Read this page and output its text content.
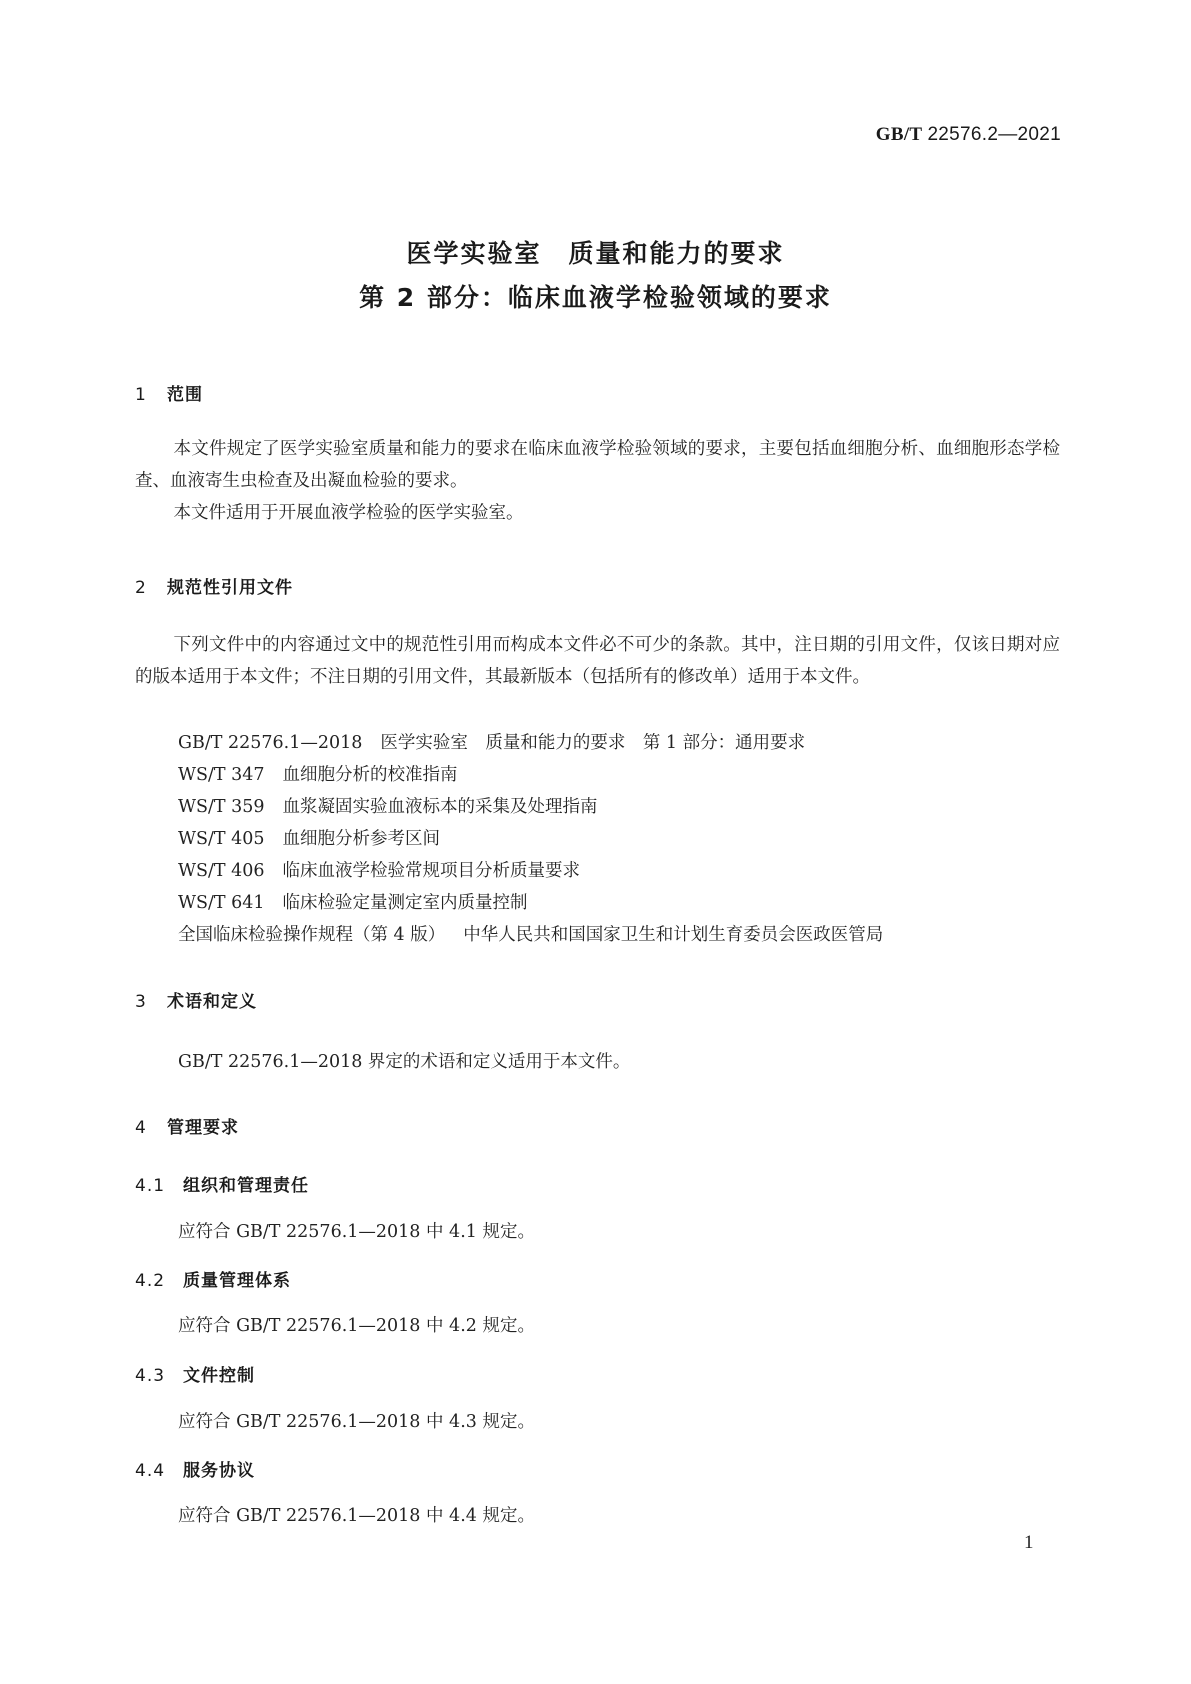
GB/T 22576.2—2021
医学实验室　质量和能力的要求
第 2 部分：临床血液学检验领域的要求
1 范围
本文件规定了医学实验室质量和能力的要求在临床血液学检验领域的要求，主要包括血细胞分析、血细胞形态学检查、血液寄生虫检查及出凝血检验的要求。
本文件适用于开展血液学检验的医学实验室。
2 规范性引用文件
下列文件中的内容通过文中的规范性引用而构成本文件必不可少的条款。其中，注日期的引用文件，仅该日期对应的版本适用于本文件；不注日期的引用文件，其最新版本（包括所有的修改单）适用于本文件。
GB/T 22576.1—2018 医学实验室　质量和能力的要求　第 1 部分：通用要求
WS/T 347 血细胞分析的校准指南
WS/T 359 血浆凝固实验血液标本的采集及处理指南
WS/T 405 血细胞分析参考区间
WS/T 406 临床血液学检验常规项目分析质量要求
WS/T 641 临床检验定量测定室内质量控制
全国临床检验操作规程（第 4 版） 中华人民共和国国家卫生和计划生育委员会医政医管局
3 术语和定义
GB/T 22576.1—2018 界定的术语和定义适用于本文件。
4 管理要求
4.1 组织和管理责任
应符合 GB/T 22576.1—2018 中 4.1 规定。
4.2 质量管理体系
应符合 GB/T 22576.1—2018 中 4.2 规定。
4.3 文件控制
应符合 GB/T 22576.1—2018 中 4.3 规定。
4.4 服务协议
应符合 GB/T 22576.1—2018 中 4.4 规定。
1
